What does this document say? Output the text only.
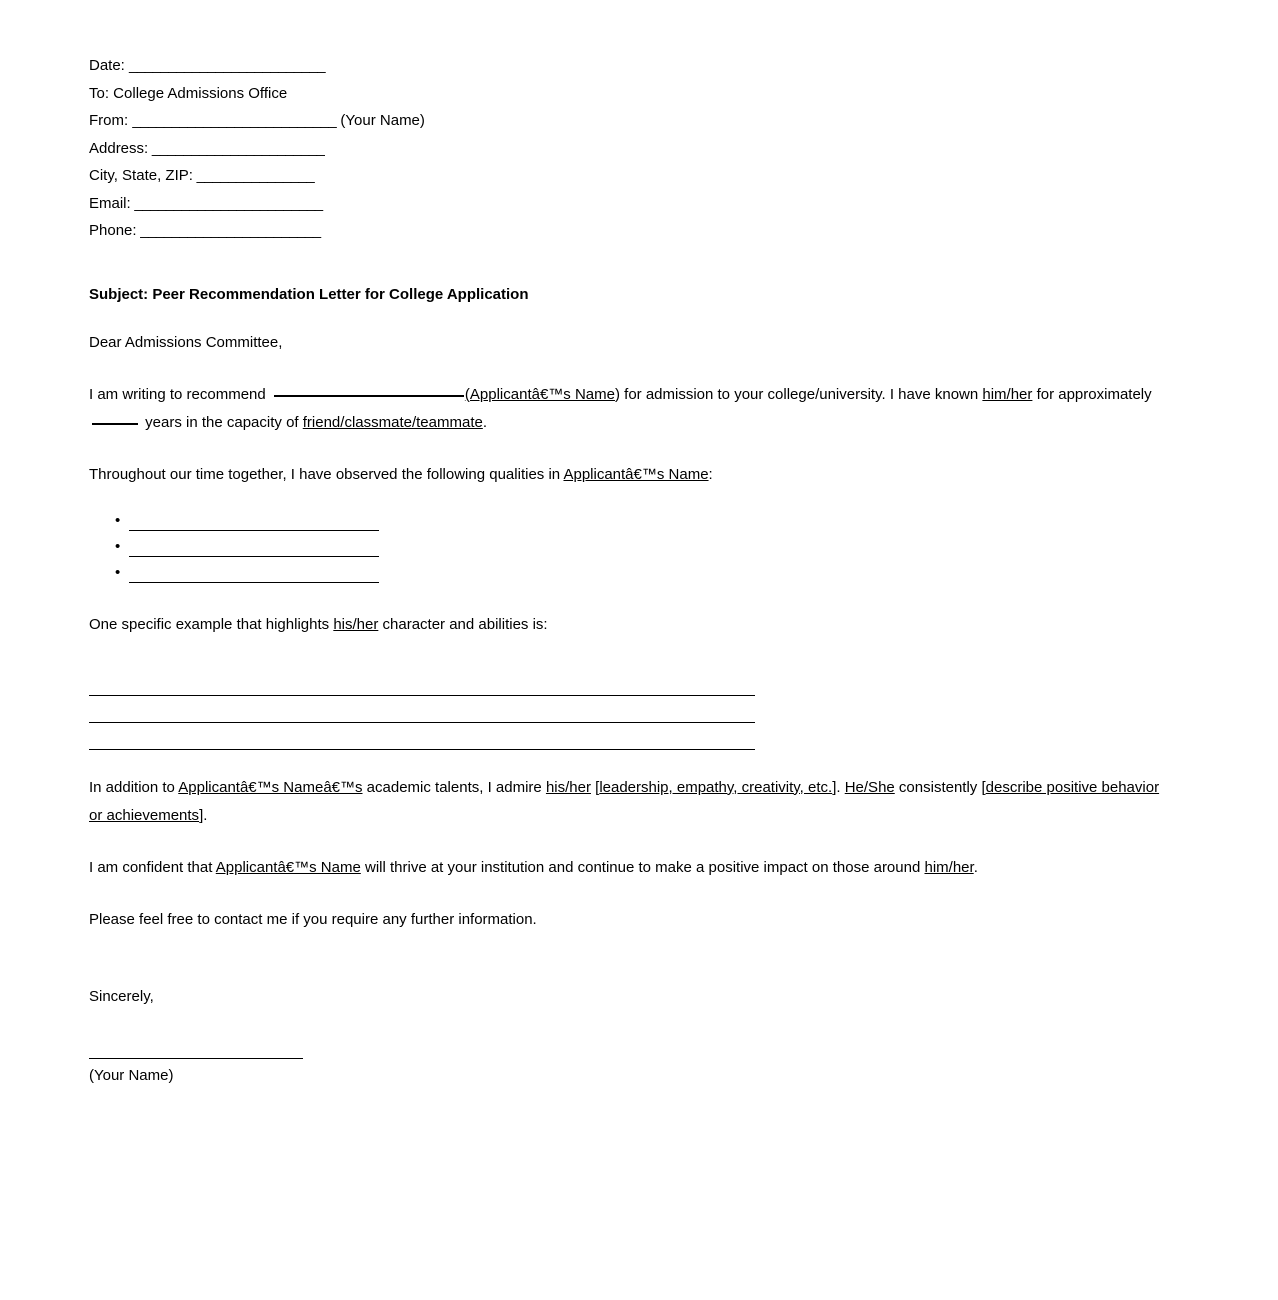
Date: _________________________
To: College Admissions Office
From: __________________________ (Your Name)
Address: ______________________
City, State, ZIP: _______________
Email: ________________________
Phone: _______________________
Subject: Peer Recommendation Letter for College Application
Dear Admissions Committee,
I am writing to recommend	(Applicantâ€™s Name) for admission to your college/university. I have known him/her for approximately  years in the capacity of friend/classmate/teammate.
Throughout our time together, I have observed the following qualities in Applicantâ€™s Name:
•
•
•
One specific example that highlights his/her character and abilities is:
In addition to Applicantâ€™s Nameâ€™s academic talents, I admire his/her [leadership, empathy, creativity, etc.]. He/She consistently [describe positive behavior or achievements].
I am confident that Applicantâ€™s Name will thrive at your institution and continue to make a positive impact on those around him/her.
Please feel free to contact me if you require any further information.
Sincerely,
(Your Name)
